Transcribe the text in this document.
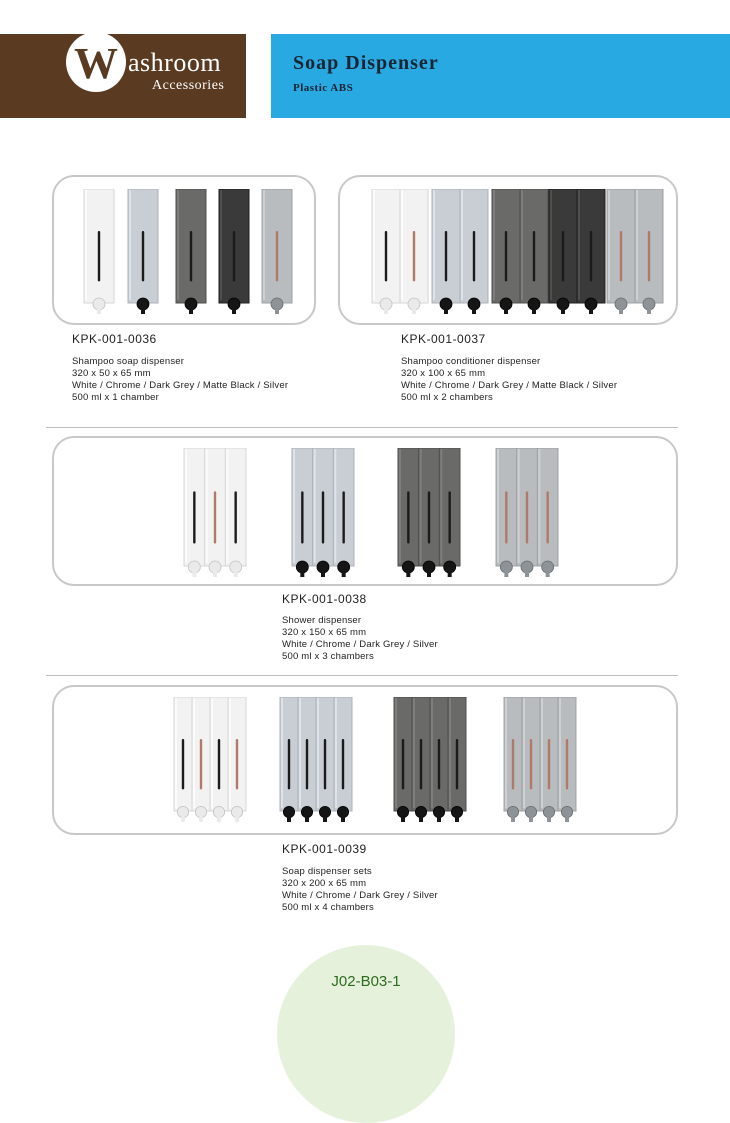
W ashroom
Accessories
Soap Dispenser
Plastic ABS
KPK-001-0036
Shampoo soap dispenser
320 x 50 x 65 mm
White / Chrome / Dark Grey / Matte Black / Silver
500 ml x 1 chamber
KPK-001-0037
Shampoo conditioner dispenser
320 x 100 x 65 mm
White / Chrome / Dark Grey / Matte Black / Silver
500 ml x 2 chambers
KPK-001-0038
Shower dispenser
320 x 150 x 65 mm
White / Chrome / Dark Grey / Silver
500 ml x 3 chambers
KPK-001-0039
Soap dispenser sets
320 x 200 x 65 mm
White / Chrome / Dark Grey / Silver
500 ml x 4 chambers
J02-B03-1
